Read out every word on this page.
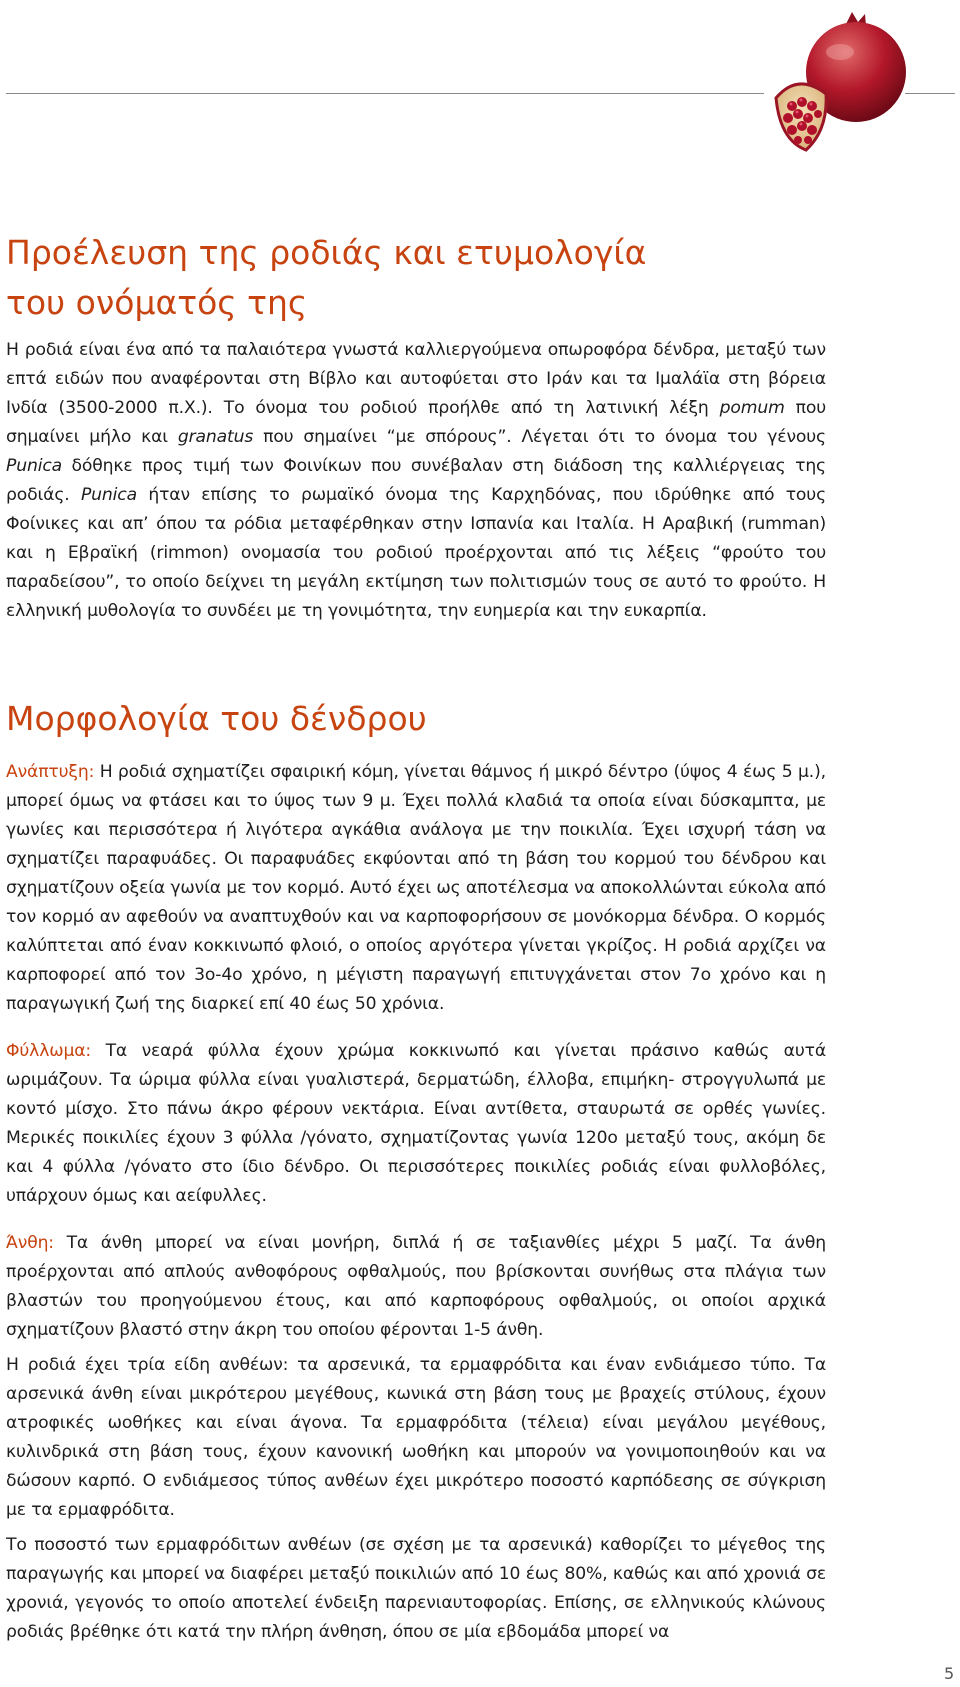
Προέλευση της ροδιάς και ετυμολογία
του ονόματός της

Η ροδιά είναι ένα από τα παλαιότερα γνωστά καλλιεργούμενα οπωροφόρα δένδρα, μεταξύ των επτά ειδών που αναφέρονται στη Βίβλο και αυτοφύεται στο Ιράν και τα Ιμαλάϊα στη βόρεια Ινδία (3500-2000 π.Χ.). Το όνομα του ροδιού προήλθε από τη λατινική λέξη pomum που σημαίνει μήλο και granatus που σημαίνει “με σπόρους”. Λέγεται ότι το όνομα του γένους Punica δόθηκε προς τιμή των Φοινίκων που συνέβαλαν στη διάδοση της καλλιέργειας της ροδιάς. Punica ήταν επίσης το ρωμαϊκό όνομα της Καρχηδόνας, που ιδρύθηκε από τους Φοίνικες και απ’ όπου τα ρόδια μεταφέρθηκαν στην Ισπανία και Ιταλία. Η Αραβική (rumman) και η Εβραϊκή (rimmon) ονομασία του ροδιού προέρχονται από τις λέξεις “φρούτο του παραδείσου”, το οποίο δείχνει τη μεγάλη εκτίμηση των πολιτισμών τους σε αυτό το φρούτο. Η ελληνική μυθολογία το συνδέει με τη γονιμότητα, την ευημερία και την ευκαρπία.

Μορφολογία του δένδρου

Ανάπτυξη: Η ροδιά σχηματίζει σφαιρική κόμη, γίνεται θάμνος ή μικρό δέντρο (ύψος 4 έως 5 μ.), μπορεί όμως να φτάσει και το ύψος των 9 μ. Έχει πολλά κλαδιά τα οποία είναι δύσκαμπτα, με γωνίες και περισσότερα ή λιγότερα αγκάθια ανάλογα με την ποικιλία. Έχει ισχυρή τάση να σχηματίζει παραφυάδες. Οι παραφυάδες εκφύονται από τη βάση του κορμού του δένδρου και σχηματίζουν οξεία γωνία με τον κορμό. Αυτό έχει ως αποτέλεσμα να αποκολλώνται εύκολα από τον κορμό αν αφεθούν να αναπτυχθούν και να καρποφορήσουν σε μονόκορμα δένδρα. Ο κορμός καλύπτεται από έναν κοκκινωπό φλοιό, ο οποίος αργότερα γίνεται γκρίζος. Η ροδιά αρχίζει να καρποφορεί από τον 3ο-4ο χρόνο, η μέγιστη παραγωγή επιτυγχάνεται στον 7ο χρόνο και η παραγωγική ζωή της διαρκεί επί 40 έως 50 χρόνια.

Φύλλωμα: Τα νεαρά φύλλα έχουν χρώμα κοκκινωπό και γίνεται πράσινο καθώς αυτά ωριμάζουν. Τα ώριμα φύλλα είναι γυαλιστερά, δερματώδη, έλλοβα, επιμήκη- στρογγυλωπά με κοντό μίσχο. Στο πάνω άκρο φέρουν νεκτάρια. Είναι αντίθετα, σταυρωτά σε ορθές γωνίες. Μερικές ποικιλίες έχουν 3 φύλλα /γόνατο, σχηματίζοντας γωνία 120ο μεταξύ τους, ακόμη δε και 4 φύλλα /γόνατο στο ίδιο δένδρο. Οι περισσότερες ποικιλίες ροδιάς είναι φυλλοβόλες, υπάρχουν όμως και αείφυλλες.

Άνθη: Τα άνθη μπορεί να είναι μονήρη, διπλά ή σε ταξιανθίες μέχρι 5 μαζί. Τα άνθη προέρχονται από απλούς ανθοφόρους οφθαλμούς, που βρίσκονται συνήθως στα πλάγια των βλαστών του προηγούμενου έτους, και από καρποφόρους οφθαλμούς, οι οποίοι αρχικά σχηματίζουν βλαστό στην άκρη του οποίου φέρονται 1-5 άνθη.

Η ροδιά έχει τρία είδη ανθέων: τα αρσενικά, τα ερμαφρόδιτα και έναν ενδιάμεσο τύπο. Τα αρσενικά άνθη είναι μικρότερου μεγέθους, κωνικά στη βάση τους με βραχείς στύλους, έχουν ατροφικές ωοθήκες και είναι άγονα. Τα ερμαφρόδιτα (τέλεια) είναι μεγάλου μεγέθους, κυλινδρικά στη βάση τους, έχουν κανονική ωοθήκη και μπορούν να γονιμοποιηθούν και να δώσουν καρπό. Ο ενδιάμεσος τύπος ανθέων έχει μικρότερο ποσοστό καρπόδεσης σε σύγκριση με τα ερμαφρόδιτα.

Το ποσοστό των ερμαφρόδιτων ανθέων (σε σχέση με τα αρσενικά) καθορίζει το μέγεθος της παραγωγής και μπορεί να διαφέρει μεταξύ ποικιλιών από 10 έως 80%, καθώς και από χρονιά σε χρονιά, γεγονός το οποίο αποτελεί ένδειξη παρενιαυτοφορίας. Επίσης, σε ελληνικούς κλώνους ροδιάς βρέθηκε ότι κατά την πλήρη άνθηση, όπου σε μία εβδομάδα μπορεί να

5
